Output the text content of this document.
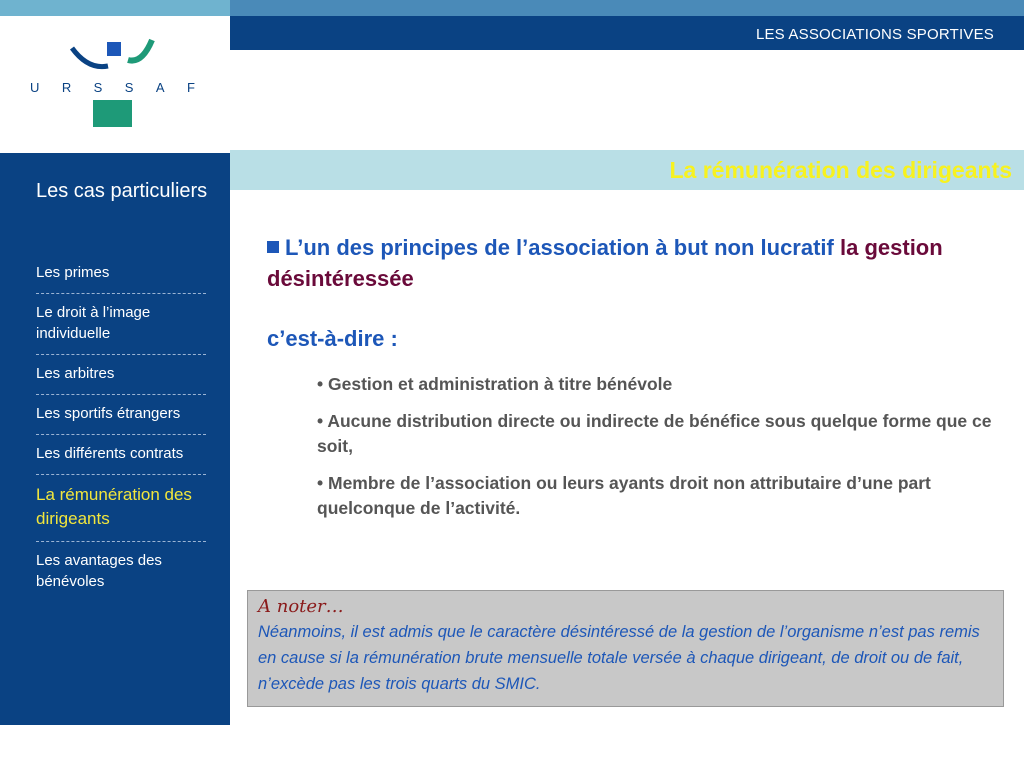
LES ASSOCIATIONS SPORTIVES
U R S S A F
Les cas particuliers
Les primes
Le droit à l’image individuelle
Les arbitres
Les sportifs étrangers
Les différents contrats
La rémunération des dirigeants
Les avantages des bénévoles
La rémunération des dirigeants
L’un des principes de l’association à but non lucratif la gestion désintéressée
c’est-à-dire :
• Gestion et administration à titre bénévole
• Aucune distribution directe ou indirecte de bénéfice sous quelque forme que ce soit,
• Membre de l’association ou leurs ayants droit non attributaire d’une part quelconque de l’activité.
A noter…
Néanmoins, il est admis que le caractère désintéressé de la gestion de l’organisme n’est pas remis en cause si la rémunération brute mensuelle totale versée à chaque dirigeant, de droit ou de fait, n’excède pas les trois quarts du SMIC.
